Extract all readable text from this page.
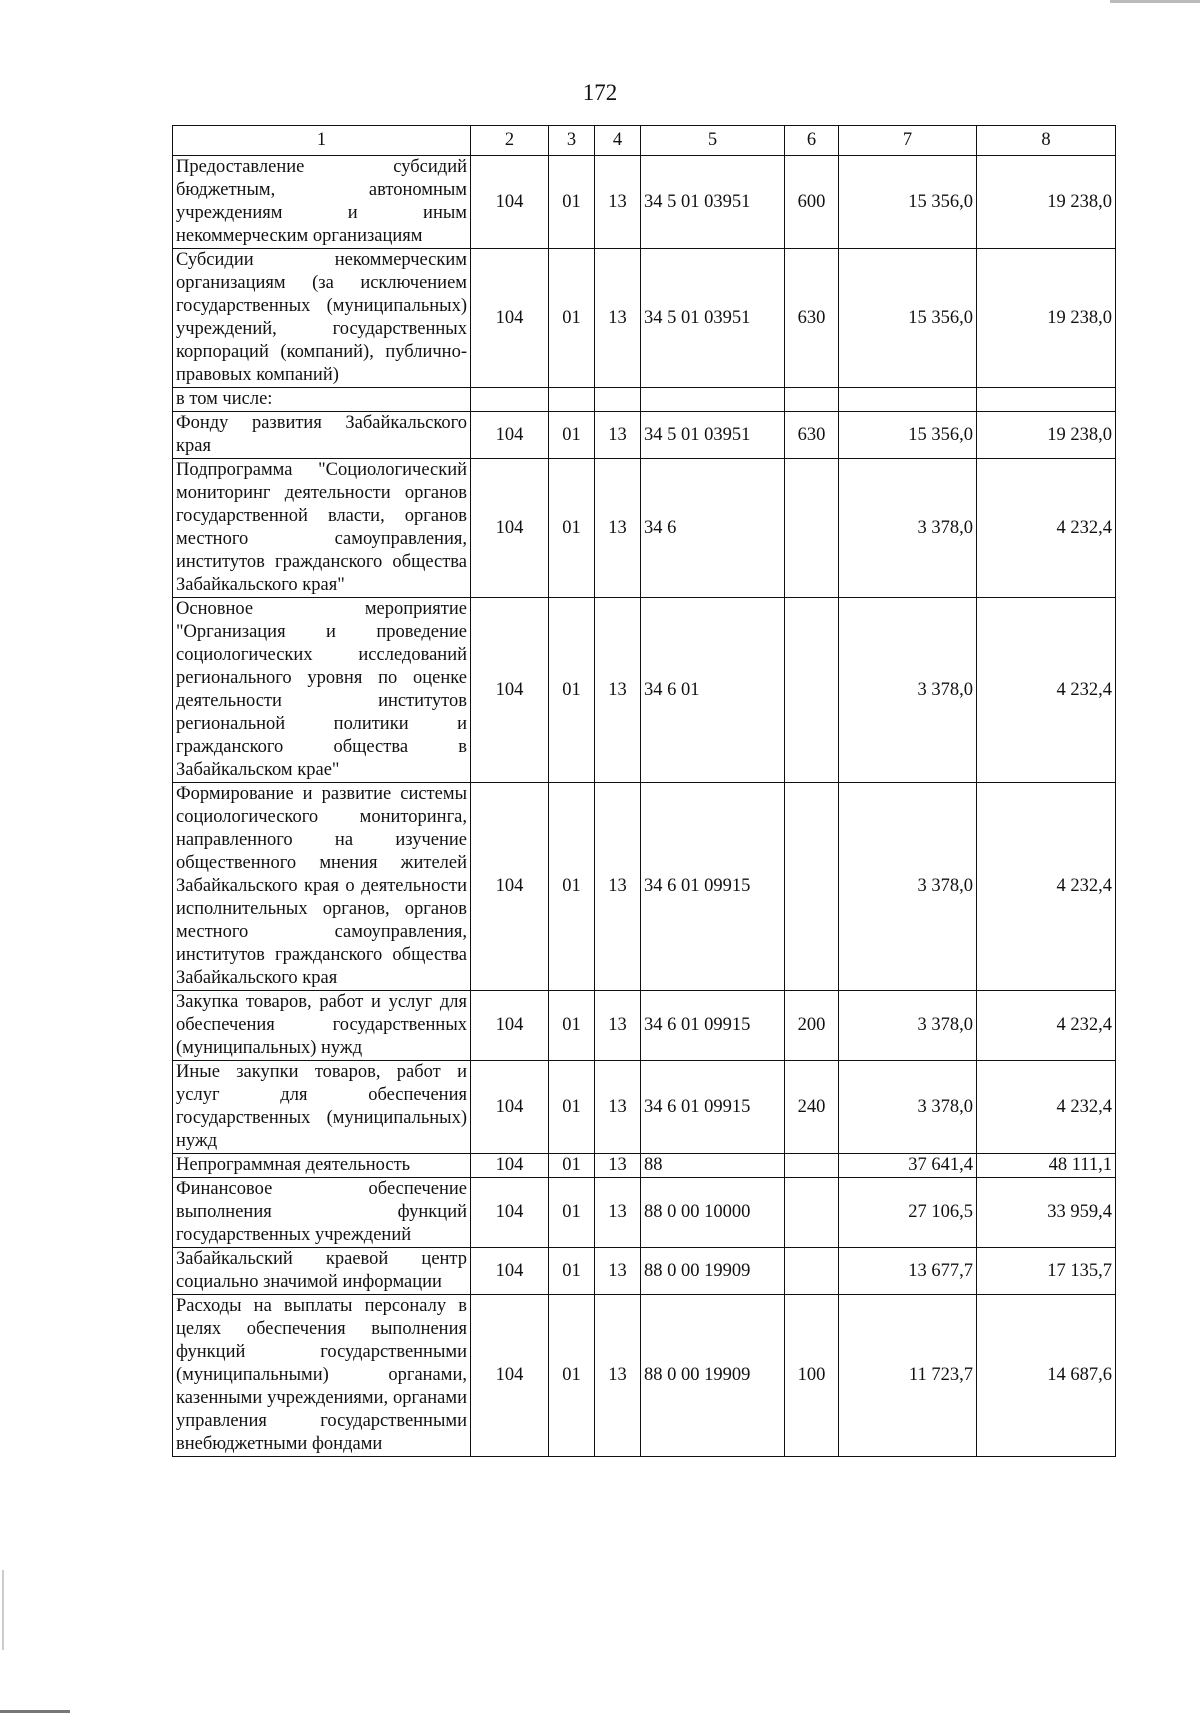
172
1	2	3	4	5	6	7	8
Предоставление субсидий бюджетным, автономным учреждениям и иным некоммерческим организациям	104	01	13	34 5 01 03951	600	15 356,0	19 238,0
Субсидии некоммерческим организациям (за исключением государственных (муниципальных) учреждений, государственных корпораций (компаний), публично-правовых компаний)	104	01	13	34 5 01 03951	630	15 356,0	19 238,0
в том числе:							
Фонду развития Забайкальского края	104	01	13	34 5 01 03951	630	15 356,0	19 238,0
Подпрограмма "Социологический мониторинг деятельности органов государственной власти, органов местного самоуправления, институтов гражданского общества Забайкальского края"	104	01	13	34 6		3 378,0	4 232,4
Основное мероприятие "Организация и проведение социологических исследований регионального уровня по оценке деятельности институтов региональной политики и гражданского общества в Забайкальском крае"	104	01	13	34 6 01		3 378,0	4 232,4
Формирование и развитие системы социологического мониторинга, направленного на изучение общественного мнения жителей Забайкальского края о деятельности исполнительных органов, органов местного самоуправления, институтов гражданского общества Забайкальского края	104	01	13	34 6 01 09915		3 378,0	4 232,4
Закупка товаров, работ и услуг для обеспечения государственных (муниципальных) нужд	104	01	13	34 6 01 09915	200	3 378,0	4 232,4
Иные закупки товаров, работ и услуг для обеспечения государственных (муниципальных) нужд	104	01	13	34 6 01 09915	240	3 378,0	4 232,4
Непрограммная деятельность	104	01	13	88		37 641,4	48 111,1
Финансовое обеспечение выполнения функций государственных учреждений	104	01	13	88 0 00 10000		27 106,5	33 959,4
Забайкальский краевой центр социально значимой информации	104	01	13	88 0 00 19909		13 677,7	17 135,7
Расходы на выплаты персоналу в целях обеспечения выполнения функций государственными (муниципальными) органами, казенными учреждениями, органами управления государственными внебюджетными фондами	104	01	13	88 0 00 19909	100	11 723,7	14 687,6
